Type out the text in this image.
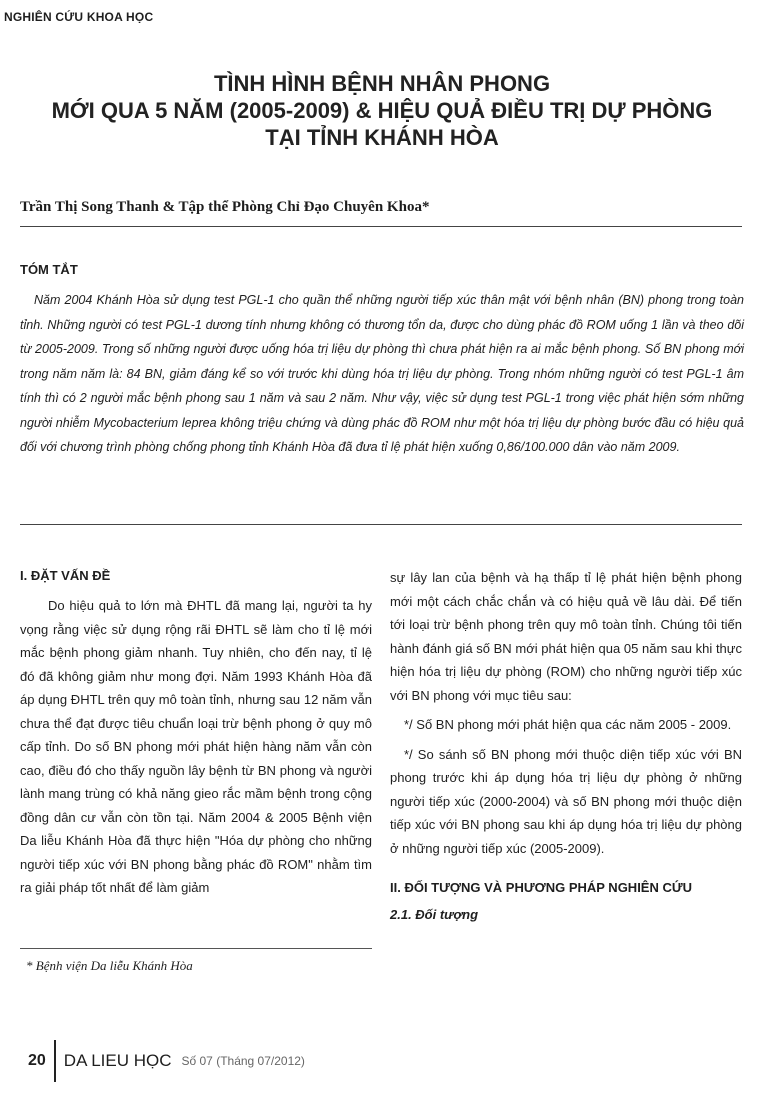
NGHIÊN CỨU KHOA HỌC
TÌNH HÌNH BỆNH NHÂN PHONG
MỚI QUA 5 NĂM (2005-2009) & HIỆU QUẢ ĐIỀU TRỊ DỰ PHÒNG
TẠI TỈNH KHÁNH HÒA
Trần Thị Song Thanh & Tập thể Phòng Chỉ Đạo Chuyên Khoa*
TÓM TẮT
Năm 2004 Khánh Hòa sử dụng test PGL-1 cho quần thể những người tiếp xúc thân mật với bệnh nhân (BN) phong trong toàn tỉnh. Những người có test PGL-1 dương tính nhưng không có thương tổn da, được cho dùng phác đồ ROM uống 1 lần và theo dõi từ 2005-2009. Trong số những người được uống hóa trị liệu dự phòng thì chưa phát hiện ra ai mắc bệnh phong. Số BN phong mới trong năm năm là: 84 BN, giảm đáng kể so với trước khi dùng hóa trị liệu dự phòng. Trong nhóm những người có test PGL-1 âm tính thì có 2 người mắc bệnh phong sau 1 năm và sau 2 năm. Như vậy, việc sử dụng test PGL-1 trong việc phát hiện sớm những người nhiễm Mycobacterium leprea không triệu chứng và dùng phác đồ ROM như một hóa trị liệu dự phòng bước đầu có hiệu quả đối với chương trình phòng chống phong tỉnh Khánh Hòa đã đưa tỉ lệ phát hiện xuống 0,86/100.000 dân vào năm 2009.
I. ĐẶT VẤN ĐỀ

Do hiệu quả to lớn mà ĐHTL đã mang lại, người ta hy vọng rằng việc sử dụng rộng rãi ĐHTL sẽ làm cho tỉ lệ mới mắc bệnh phong giảm nhanh. Tuy nhiên, cho đến nay, tỉ lệ đó đã không giảm như mong đợi. Năm 1993 Khánh Hòa đã áp dụng ĐHTL trên quy mô toàn tỉnh, nhưng sau 12 năm vẫn chưa thể đạt được tiêu chuẩn loại trừ bệnh phong ở quy mô cấp tỉnh. Do số BN phong mới phát hiện hàng năm vẫn còn cao, điều đó cho thấy nguồn lây bệnh từ BN phong và người lành mang trùng có khả năng gieo rắc mầm bệnh trong cộng đồng dân cư vẫn còn tồn tại. Năm 2004 & 2005 Bệnh viện Da liễu Khánh Hòa đã thực hiện "Hóa dự phòng cho những người tiếp xúc với BN phong bằng phác đồ ROM" nhằm tìm ra giải pháp tốt nhất để làm giảm

sự lây lan của bệnh và hạ thấp tỉ lệ phát hiện bệnh phong mới một cách chắc chắn và có hiệu quả về lâu dài. Để tiến tới loại trừ bệnh phong trên quy mô toàn tỉnh. Chúng tôi tiến hành đánh giá số BN mới phát hiện qua 05 năm sau khi thực hiện hóa trị liệu dự phòng (ROM) cho những người tiếp xúc với BN phong với mục tiêu sau:

*/ Số BN phong mới phát hiện qua các năm 2005 - 2009.

*/ So sánh số BN phong mới thuộc diện tiếp xúc với BN phong trước khi áp dụng hóa trị liệu dự phòng ở những người tiếp xúc (2000-2004) và số BN phong mới thuộc diện tiếp xúc với BN phong sau khi áp dụng hóa trị liệu dự phòng ở những người tiếp xúc (2005-2009).

II. ĐỐI TƯỢNG VÀ PHƯƠNG PHÁP NGHIÊN CỨU
2.1. Đối tượng
* Bệnh viện Da liễu Khánh Hòa
20 DA LIEU HỌC Số 07 (Tháng 07/2012)
